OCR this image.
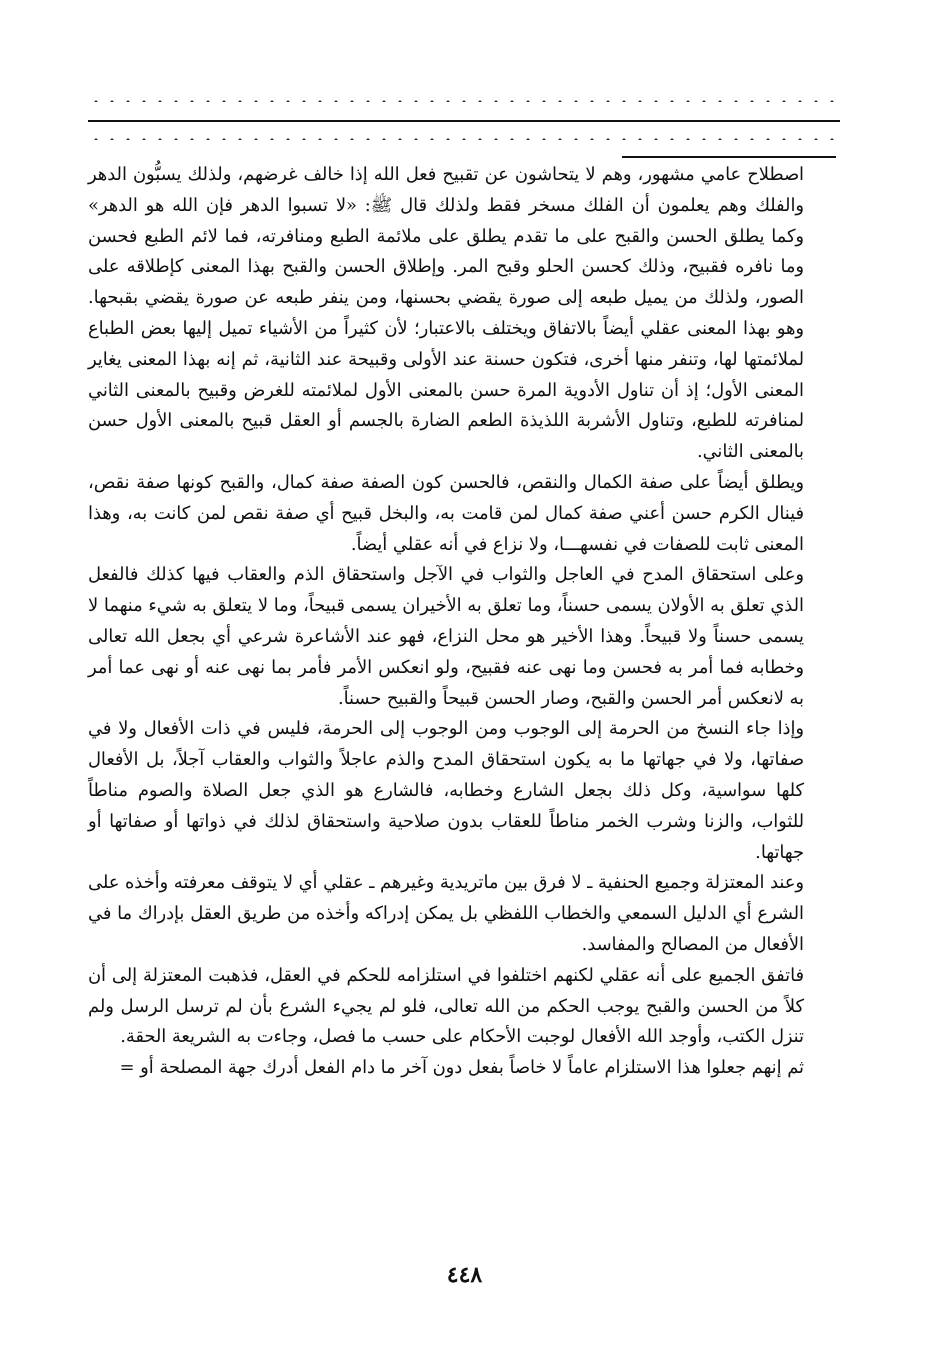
اصطلاح عامي مشهور، وهم لا يتحاشون عن تقبيح فعل الله إذا خالف غرضهم، ولذلك يسبُّون الدهر والفلك وهم يعلمون أن الفلك مسخر فقط ولذلك قال ﷺ: «لا تسبوا الدهر فإن الله هو الدهر» وكما يطلق الحسن والقبح على ما تقدم يطلق على ملائمة الطبع ومنافرته، فما لائم الطبع فحسن وما نافره فقبيح، وذلك كحسن الحلو وقبح المر. وإطلاق الحسن والقبح بهذا المعنى كإطلاقه على الصور، ولذلك من يميل طبعه إلى صورة يقضي بحسنها، ومن ينفر طبعه عن صورة يقضي بقبحها. وهو بهذا المعنى عقلي أيضاً بالاتفاق ويختلف بالاعتبار؛ لأن كثيراً من الأشياء تميل إليها بعض الطباع لملائمتها لها، وتنفر منها أخرى، فتكون حسنة عند الأولى وقبيحة عند الثانية، ثم إنه بهذا المعنى يغاير المعنى الأول؛ إذ أن تناول الأدوية المرة حسن بالمعنى الأول لملائمته للغرض وقبيح بالمعنى الثاني لمنافرته للطبع، وتناول الأشربة اللذيذة الطعم الضارة بالجسم أو العقل قبيح بالمعنى الأول حسن بالمعنى الثاني.

ويطلق أيضاً على صفة الكمال والنقص، فالحسن كون الصفة صفة كمال، والقبح كونها صفة نقص، فينال الكرم حسن أعني صفة كمال لمن قامت به، والبخل قبيح أي صفة نقص لمن كانت به، وهذا المعنى ثابت للصفات في نفسهـــا، ولا نزاع في أنه عقلي أيضاً.

وعلى استحقاق المدح في العاجل والثواب في الآجل واستحقاق الذم والعقاب فيها كذلك فالفعل الذي تعلق به الأولان يسمى حسناً، وما تعلق به الأخيران يسمى قبيحاً، وما لا يتعلق به شيء منهما لا يسمى حسناً ولا قبيحاً. وهذا الأخير هو محل النزاع، فهو عند الأشاعرة شرعي أي بجعل الله تعالى وخطابه فما أمر به فحسن وما نهى عنه فقبيح، ولو انعكس الأمر فأمر بما نهى عنه أو نهى عما أمر به لانعكس أمر الحسن والقبح، وصار الحسن قبيحاً والقبيح حسناً.

وإذا جاء النسخ من الحرمة إلى الوجوب ومن الوجوب إلى الحرمة، فليس في ذات الأفعال ولا في صفاتها، ولا في جهاتها ما به يكون استحقاق المدح والذم عاجلاً والثواب والعقاب آجلاً، بل الأفعال كلها سواسية، وكل ذلك بجعل الشارع وخطابه، فالشارع هو الذي جعل الصلاة والصوم مناطاً للثواب، والزنا وشرب الخمر مناطاً للعقاب بدون صلاحية واستحقاق لذلك في ذواتها أو صفاتها أو جهاتها.

وعند المعتزلة وجميع الحنفية ـ لا فرق بين ماتريدية وغيرهم ـ عقلي أي لا يتوقف معرفته وأخذه على الشرع أي الدليل السمعي والخطاب اللفظي بل يمكن إدراكه وأخذه من طريق العقل بإدراك ما في الأفعال من المصالح والمفاسد.

فاتفق الجميع على أنه عقلي لكنهم اختلفوا في استلزامه للحكم في العقل، فذهبت المعتزلة إلى أن كلاً من الحسن والقبح يوجب الحكم من الله تعالى، فلو لم يجيء الشرع بأن لم ترسل الرسل ولم تنزل الكتب، وأوجد الله الأفعال لوجبت الأحكام على حسب ما فصل، وجاءت به الشريعة الحقة.

ثم إنهم جعلوا هذا الاستلزام عاماً لا خاصاً بفعل دون آخر ما دام الفعل أدرك جهة المصلحة أو =

٤٤٨
